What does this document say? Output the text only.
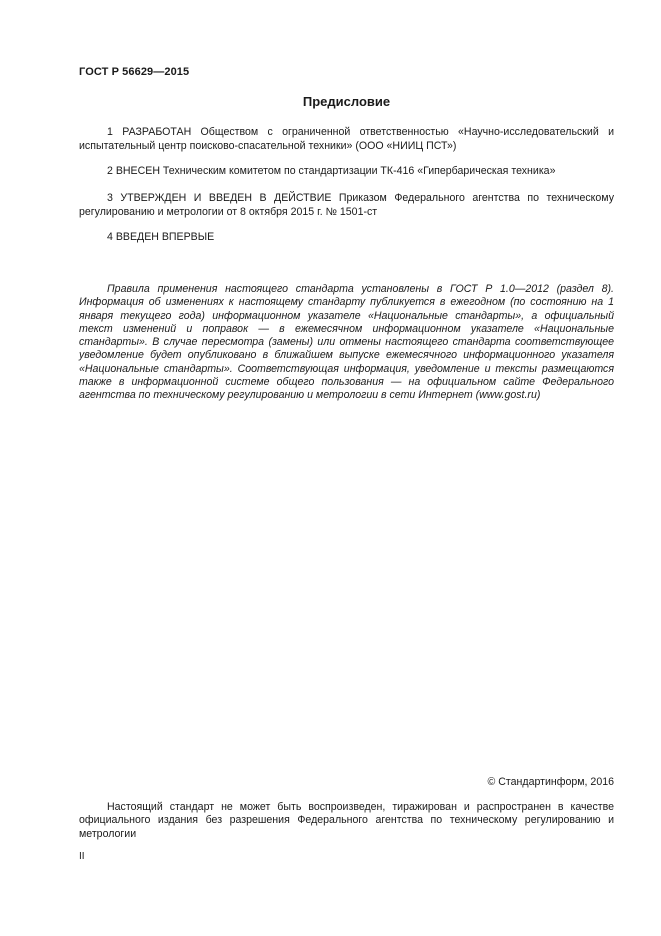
ГОСТ Р 56629—2015
Предисловие

1 РАЗРАБОТАН Обществом с ограниченной ответственностью «Научно-исследовательский и испытательный центр поисково-спасательной техники» (ООО «НИИЦ ПСТ»)

2 ВНЕСЕН Техническим комитетом по стандартизации ТК-416 «Гипербарическая техника»

3 УТВЕРЖДЕН И ВВЕДЕН В ДЕЙСТВИЕ Приказом Федерального агентства по техническому регулированию и метрологии от 8 октября 2015 г. № 1501-ст

4 ВВЕДЕН ВПЕРВЫЕ

Правила применения настоящего стандарта установлены в ГОСТ Р 1.0—2012 (раздел 8). Информация об изменениях к настоящему стандарту публикуется в ежегодном (по состоянию на 1 января текущего года) информационном указателе «Национальные стандарты», а официальный текст изменений и поправок — в ежемесячном информационном указателе «Национальные стандарты». В случае пересмотра (замены) или отмены настоящего стандарта соответствующее уведомление будет опубликовано в ближайшем выпуске ежемесячного информационного указателя «Национальные стандарты». Соответствующая информация, уведомление и тексты размещаются также в информационной системе общего пользования — на официальном сайте Федерального агентства по техническому регулированию и метрологии в сети Интернет (www.gost.ru)

© Стандартинформ, 2016

Настоящий стандарт не может быть воспроизведен, тиражирован и распространен в качестве официального издания без разрешения Федерального агентства по техническому регулированию и метрологии

II
